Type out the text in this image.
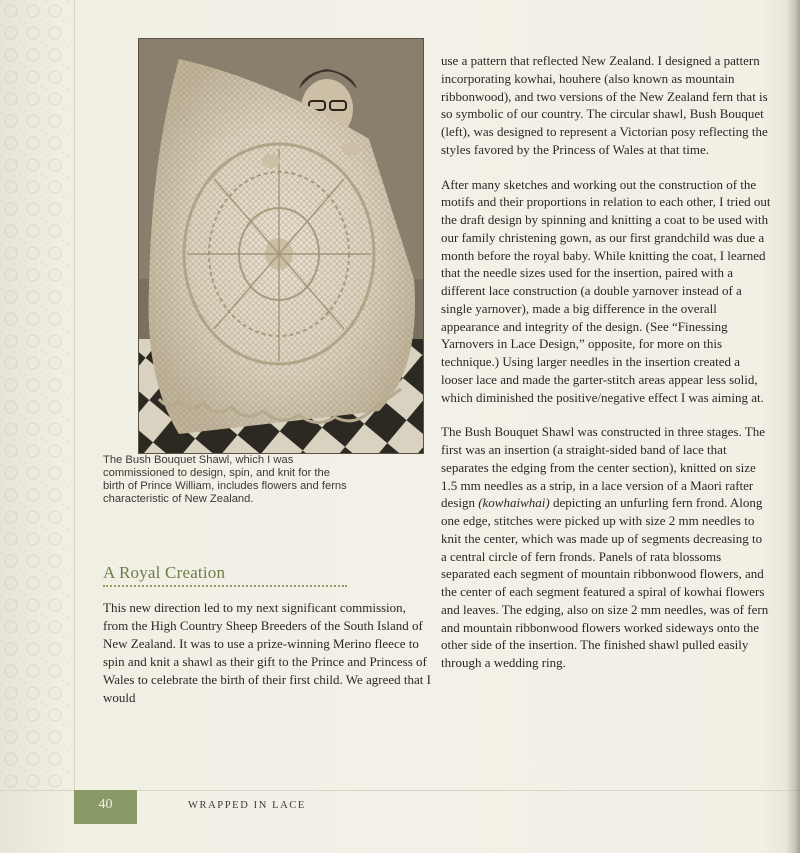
The Bush Bouquet Shawl, which I was
commissioned to design, spin, and knit for the
birth of Prince William, includes flowers and ferns
characteristic of New Zealand.
A Royal Creation
This new direction led to my next significant commission, from the High Country Sheep Breeders of the South Island of New Zealand. It was to use a prize-winning Merino fleece to spin and knit a shawl as their gift to the Prince and Princess of Wales to celebrate the birth of their first child. We agreed that I would

use a pattern that reflected New Zealand. I designed a pattern incorporating kowhai, houhere (also known as mountain ribbonwood), and two versions of the New Zealand fern that is so symbolic of our country. The circular shawl, Bush Bouquet (left), was designed to represent a Victorian posy reflecting the styles favored by the Princess of Wales at that time.

After many sketches and working out the construction of the motifs and their proportions in relation to each other, I tried out the draft design by spinning and knitting a coat to be used with our family christening gown, as our first grandchild was due a month before the royal baby. While knitting the coat, I learned that the needle sizes used for the insertion, paired with a different lace construction (a double yarnover instead of a single yarnover), made a big difference in the overall appearance and integrity of the design. (See “Finessing Yarnovers in Lace Design,” opposite, for more on this technique.) Using larger needles in the insertion created a looser lace and made the garter-stitch areas appear less solid, which diminished the positive/negative effect I was aiming at.

The Bush Bouquet Shawl was constructed in three stages. The first was an insertion (a straight-sided band of lace that separates the edging from the center section), knitted on size 1.5 mm needles as a strip, in a lace version of a Maori rafter design (kowhaiwhai) depicting an unfurling fern frond. Along one edge, stitches were picked up with size 2 mm needles to knit the center, which was made up of segments decreasing to a central circle of fern fronds. Panels of rata blossoms separated each segment of mountain ribbonwood flowers, and the center of each segment featured a spiral of kowhai flowers and leaves. The edging, also on size 2 mm needles, was of fern and mountain ribbonwood flowers worked sideways onto the other side of the insertion. The finished shawl pulled easily through a wedding ring.

40	WRAPPED IN LACE
